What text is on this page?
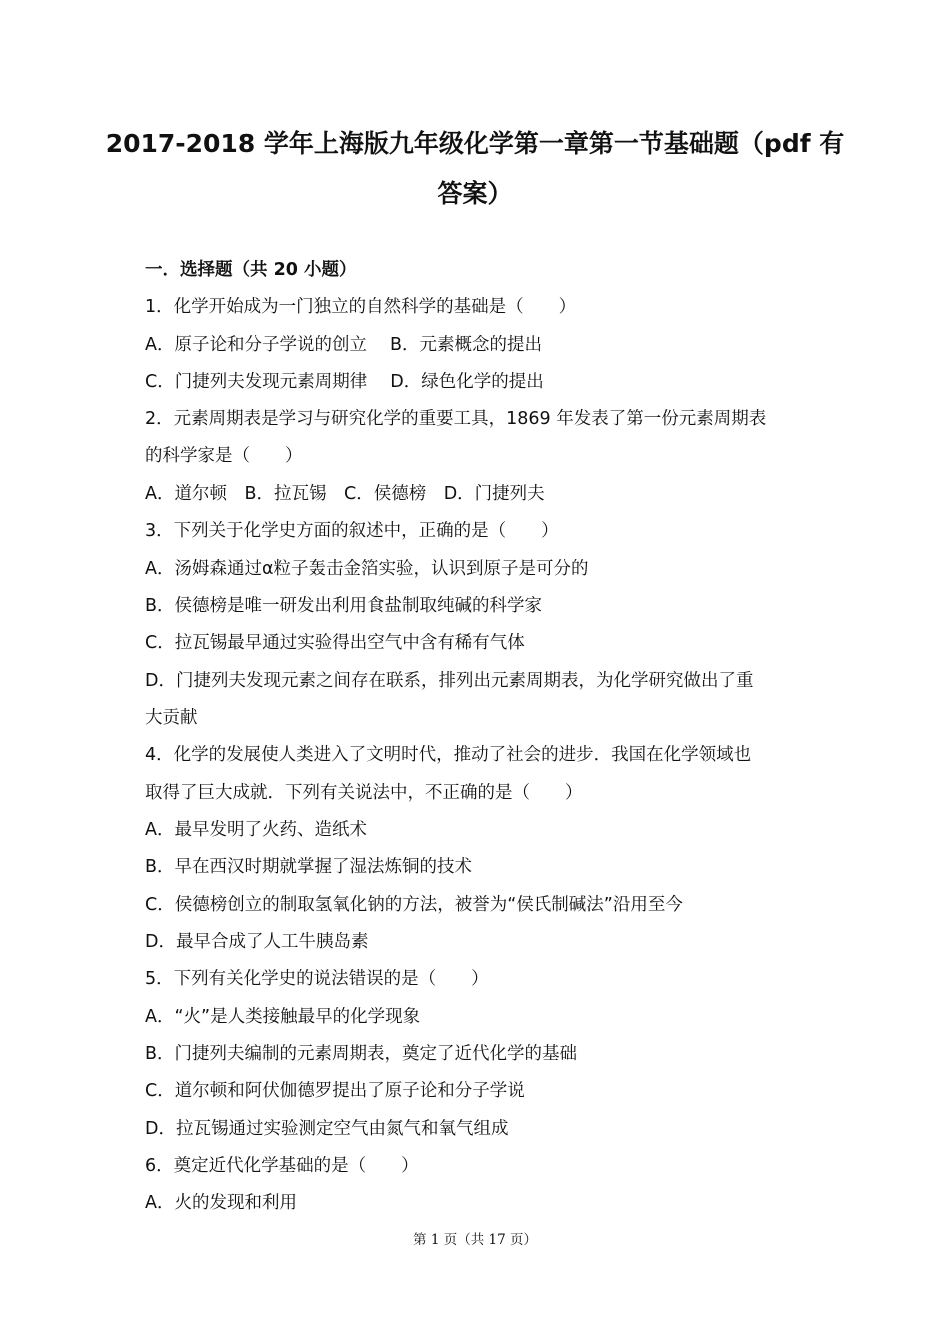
2017-2018 学年上海版九年级化学第一章第一节基础题（pdf 有
答案）
一．选择题（共 20 小题）
1．化学开始成为一门独立的自然科学的基础是（　　）
A．原子论和分子学说的创立　 B．元素概念的提出
C．门捷列夫发现元素周期律　 D．绿色化学的提出
2．元素周期表是学习与研究化学的重要工具，1869 年发表了第一份元素周期表
的科学家是（　　）
A．道尔顿　B．拉瓦锡　C．侯德榜　D．门捷列夫
3．下列关于化学史方面的叙述中，正确的是（　　）
A．汤姆森通过α粒子轰击金箔实验，认识到原子是可分的
B．侯德榜是唯一研发出利用食盐制取纯碱的科学家
C．拉瓦锡最早通过实验得出空气中含有稀有气体
D．门捷列夫发现元素之间存在联系，排列出元素周期表，为化学研究做出了重
大贡献
4．化学的发展使人类进入了文明时代，推动了社会的进步．我国在化学领域也
取得了巨大成就．下列有关说法中，不正确的是（　　）
A．最早发明了火药、造纸术
B．早在西汉时期就掌握了湿法炼铜的技术
C．侯德榜创立的制取氢氧化钠的方法，被誉为“侯氏制碱法”沿用至今
D．最早合成了人工牛胰岛素
5．下列有关化学史的说法错误的是（　　）
A．“火”是人类接触最早的化学现象
B．门捷列夫编制的元素周期表，奠定了近代化学的基础
C．道尔顿和阿伏伽德罗提出了原子论和分子学说
D．拉瓦锡通过实验测定空气由氮气和氧气组成
6．奠定近代化学基础的是（　　）
A．火的发现和利用
第 1 页（共 17 页）
